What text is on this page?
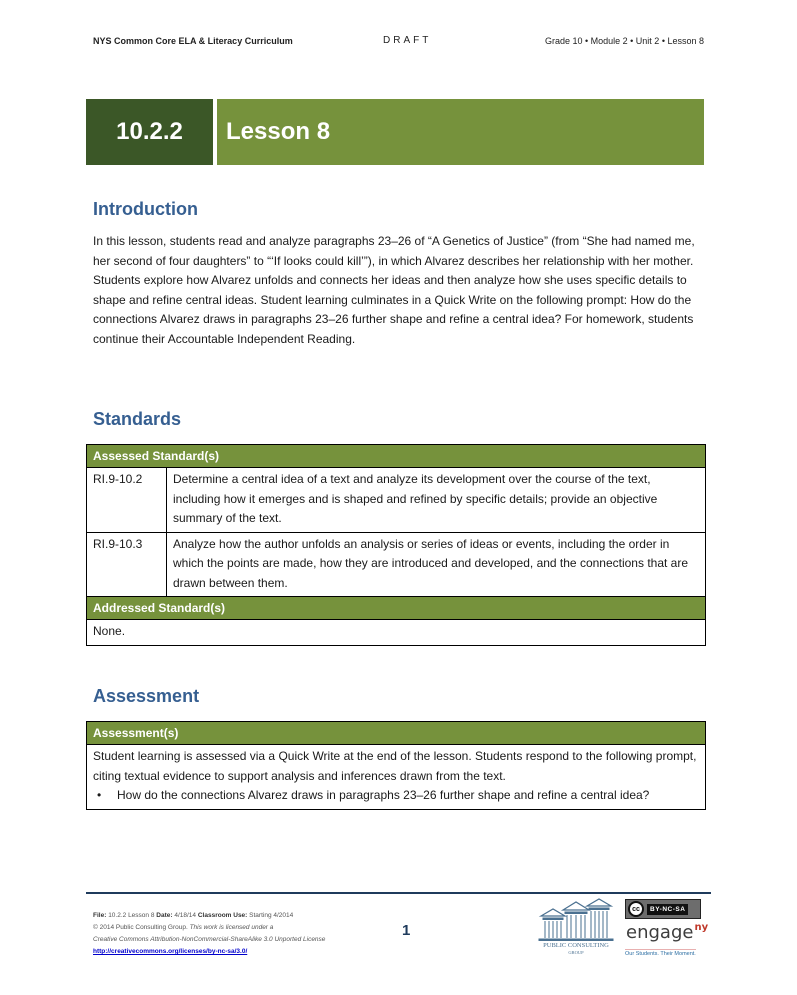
NYS Common Core ELA & Literacy Curriculum	DRAFT	Grade 10 • Module 2 • Unit 2 • Lesson 8
10.2.2	Lesson 8
Introduction
In this lesson, students read and analyze paragraphs 23–26 of “A Genetics of Justice” (from “She had named me, her second of four daughters” to “‘If looks could kill’”), in which Alvarez describes her relationship with her mother. Students explore how Alvarez unfolds and connects her ideas and then analyze how she uses specific details to shape and refine central ideas. Student learning culminates in a Quick Write on the following prompt: How do the connections Alvarez draws in paragraphs 23–26 further shape and refine a central idea? For homework, students continue their Accountable Independent Reading.
Standards
Assessed Standard(s)	
RI.9-10.2	Determine a central idea of a text and analyze its development over the course of the text, including how it emerges and is shaped and refined by specific details; provide an objective summary of the text.
RI.9-10.3	Analyze how the author unfolds an analysis or series of ideas or events, including the order in which the points are made, how they are introduced and developed, and the connections that are drawn between them.
Addressed Standard(s)	
None.	
Assessment
Assessment(s)

Student learning is assessed via a Quick Write at the end of the lesson. Students respond to the following prompt, citing textual evidence to support analysis and inferences drawn from the text.
• How do the connections Alvarez draws in paragraphs 23–26 further shape and refine a central idea?
File: 10.2.2 Lesson 8 Date: 4/18/14 Classroom Use: Starting 4/2014
© 2014 Public Consulting Group. This work is licensed under a
Creative Commons Attribution-NonCommercial-ShareAlike 3.0 Unported License
http://creativecommons.org/licenses/by-nc-sa/3.0/
1
PUBLIC CONSULTING
GROUP
cc	BY-NC-SA
engage$^{ny}$
Our Students. Their Moment.
